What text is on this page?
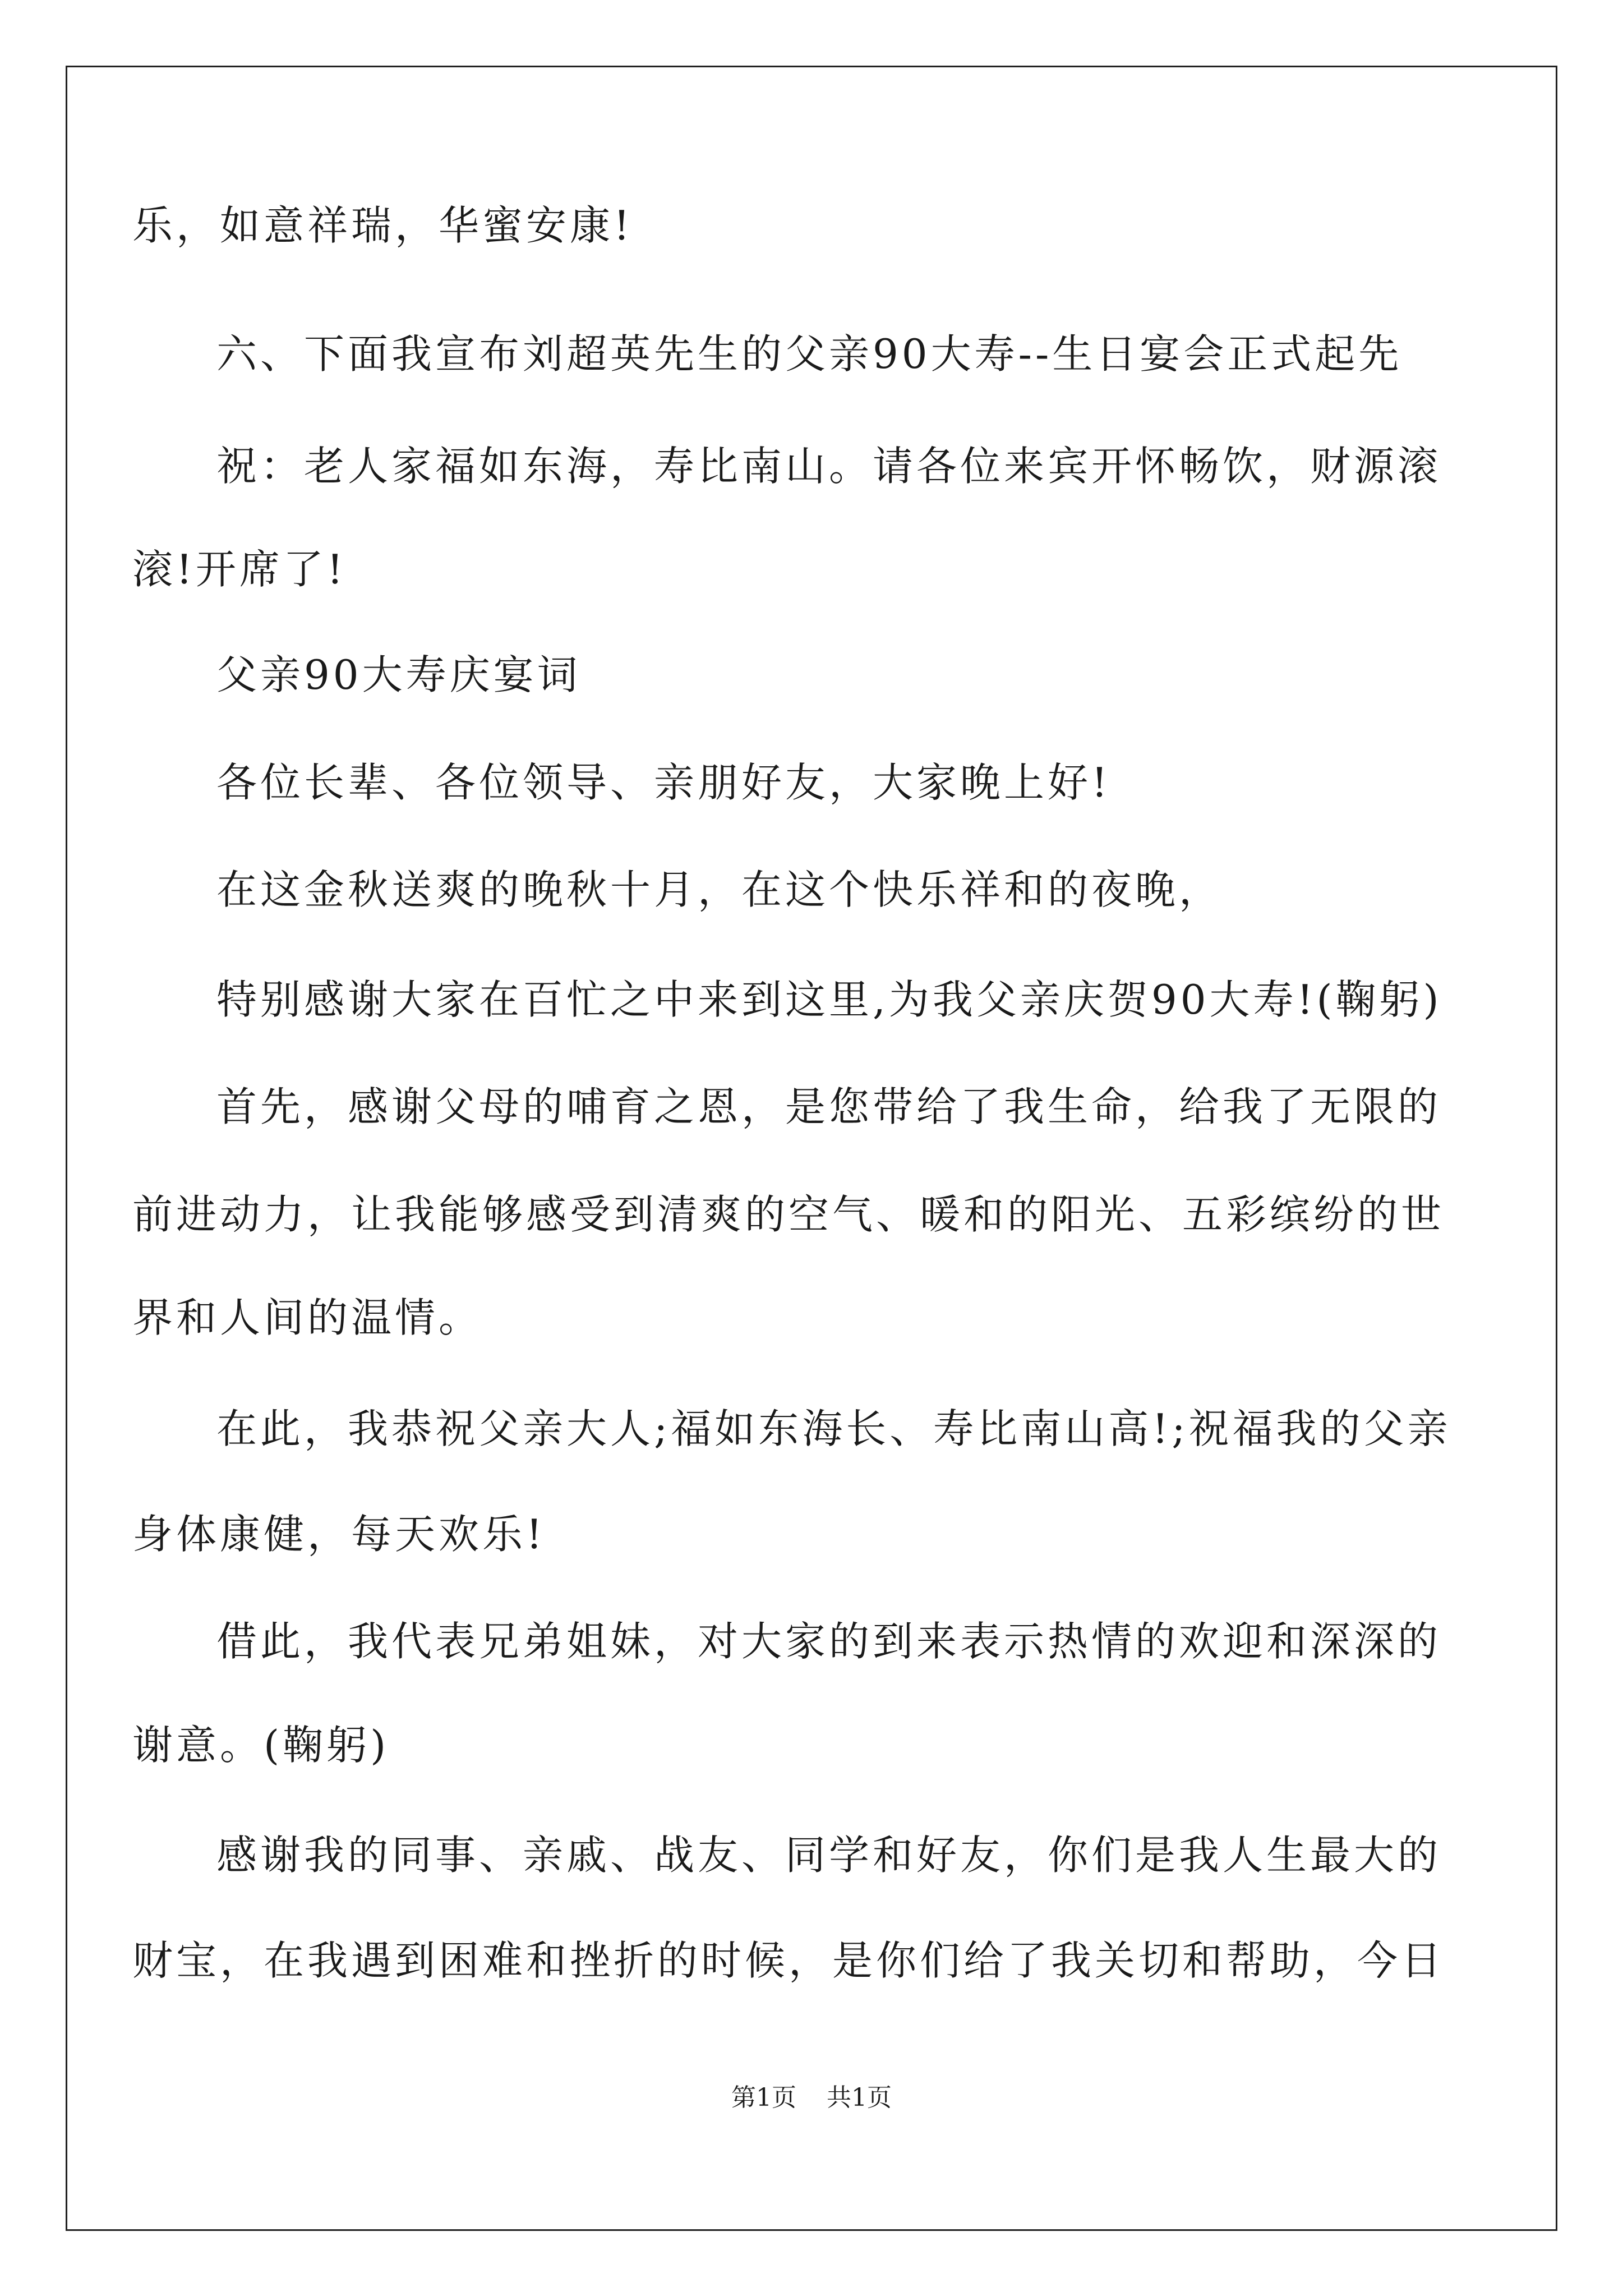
乐，如意祥瑞，华蜜安康!
六、下面我宣布刘超英先生的父亲90大寿--生日宴会正式起先
祝：老人家福如东海，寿比南山。请各位来宾开怀畅饮，财源滚
滚!开席了!
父亲90大寿庆宴词
各位长辈、各位领导、亲朋好友，大家晚上好!
在这金秋送爽的晚秋十月，在这个快乐祥和的夜晚，
特别感谢大家在百忙之中来到这里,为我父亲庆贺90大寿!(鞠躬)
首先，感谢父母的哺育之恩，是您带给了我生命，给我了无限的
前进动力，让我能够感受到清爽的空气、暖和的阳光、五彩缤纷的世
界和人间的温情。
在此，我恭祝父亲大人;福如东海长、寿比南山高!;祝福我的父亲
身体康健，每天欢乐!
借此，我代表兄弟姐妹，对大家的到来表示热情的欢迎和深深的
谢意。(鞠躬)
感谢我的同事、亲戚、战友、同学和好友，你们是我人生最大的
财宝，在我遇到困难和挫折的时候，是你们给了我关切和帮助，今日
第1页 共1页
